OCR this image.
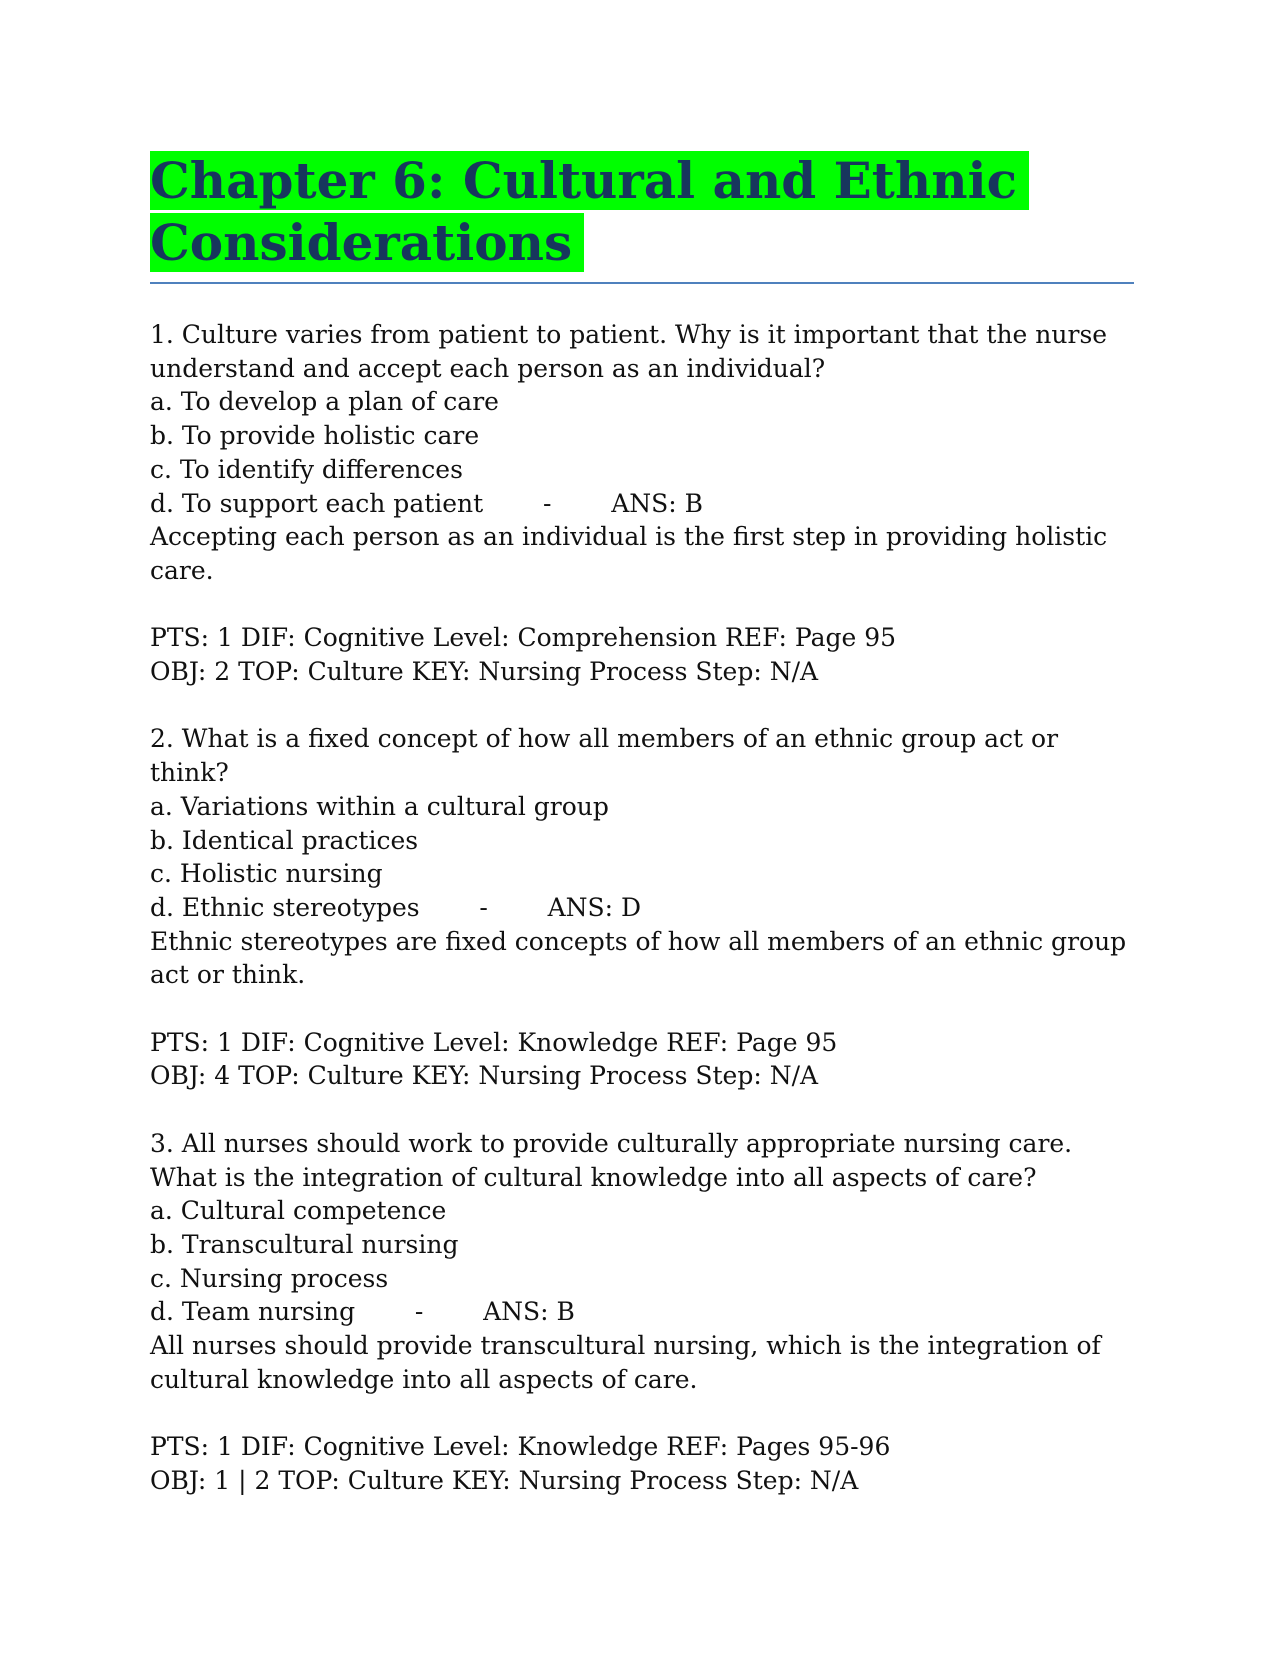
Chapter 6: Cultural and Ethnic Considerations

1. Culture varies from patient to patient. Why is it important that the nurse understand and accept each person as an individual?

a. To develop a plan of care

b. To provide holistic care

c. To identify differences

d. To support each patient - ANS: B

Accepting each person as an individual is the first step in providing holistic care.

PTS: 1 DIF: Cognitive Level: Comprehension REF: Page 95

OBJ: 2 TOP: Culture KEY: Nursing Process Step: N/A

2. What is a fixed concept of how all members of an ethnic group act or think?

a. Variations within a cultural group

b. Identical practices

c. Holistic nursing

d. Ethnic stereotypes - ANS: D

Ethnic stereotypes are fixed concepts of how all members of an ethnic group act or think.

PTS: 1 DIF: Cognitive Level: Knowledge REF: Page 95

OBJ: 4 TOP: Culture KEY: Nursing Process Step: N/A

3. All nurses should work to provide culturally appropriate nursing care. What is the integration of cultural knowledge into all aspects of care?

a. Cultural competence

b. Transcultural nursing

c. Nursing process

d. Team nursing - ANS: B

All nurses should provide transcultural nursing, which is the integration of cultural knowledge into all aspects of care.

PTS: 1 DIF: Cognitive Level: Knowledge REF: Pages 95-96

OBJ: 1 | 2 TOP: Culture KEY: Nursing Process Step: N/A
